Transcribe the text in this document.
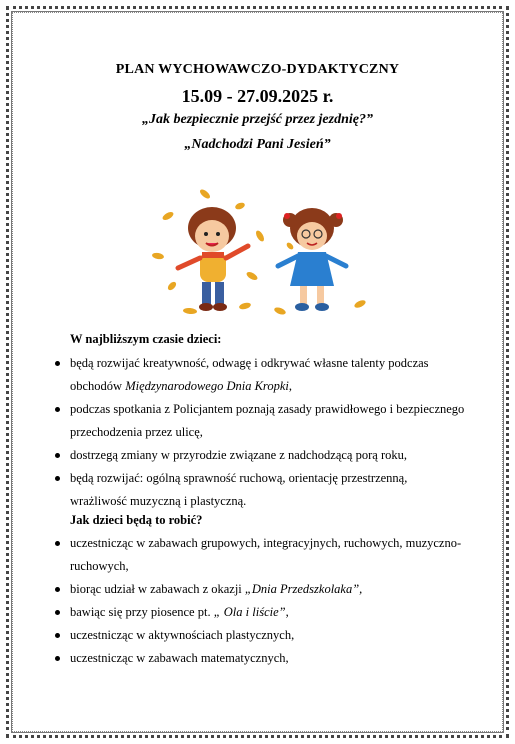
PLAN WYCHOWAWCZO-DYDAKTYCZNY
15.09 - 27.09.2025 r.
„Jak bezpiecznie przejść przez jezdnię?”
„Nadchodzi Pani Jesień”
W najbliższym czasie dzieci:
będą rozwijać kreatywność, odwagę i odkrywać własne talenty podczas obchodów Międzynarodowego Dnia Kropki,
podczas spotkania z Policjantem poznają zasady prawidłowego i bezpiecznego przechodzenia przez ulicę,
dostrzegą zmiany w przyrodzie związane z nadchodzącą porą roku,
będą rozwijać: ogólną sprawność ruchową, orientację przestrzenną, wrażliwość muzyczną i plastyczną.
Jak dzieci będą to robić?
uczestnicząc w zabawach grupowych, integracyjnych, ruchowych, muzyczno- ruchowych,
biorąc udział w zabawach z okazji „Dnia Przedszkolaka”,
bawiąc się przy piosence pt. „ Ola i liście”,
uczestnicząc w aktywnościach plastycznych,
uczestnicząc w zabawach matematycznych,
